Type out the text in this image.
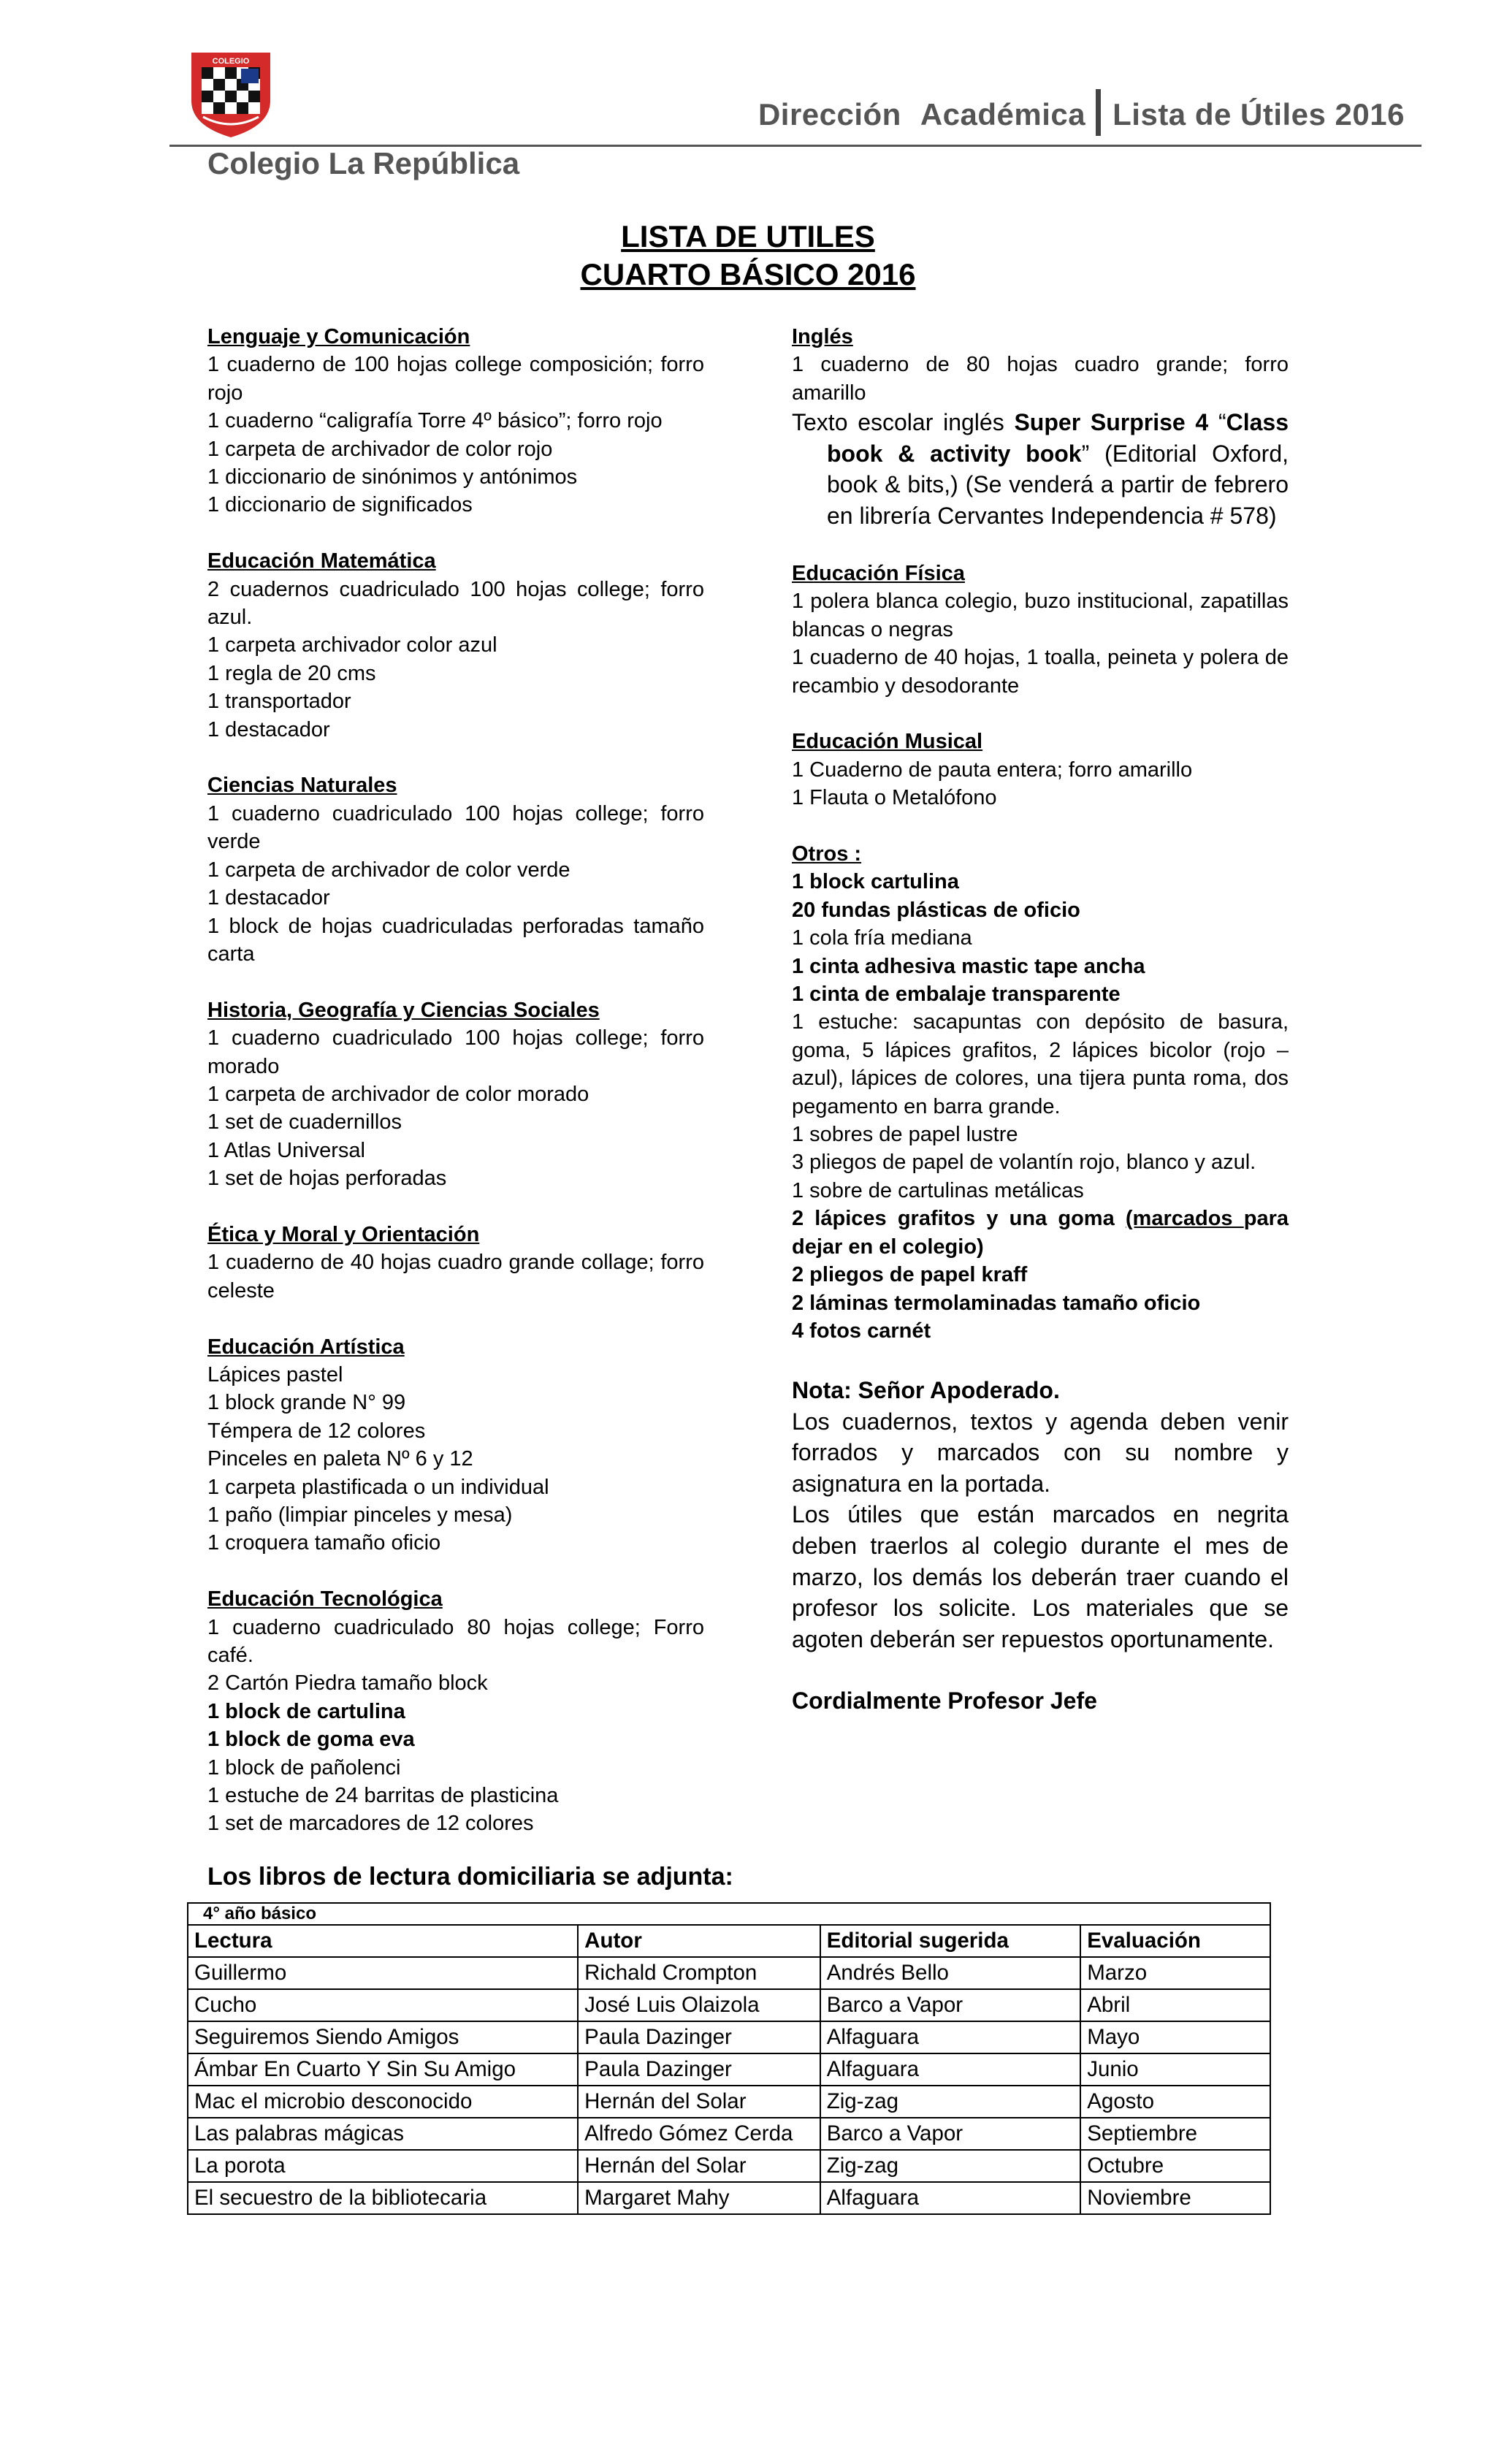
COLEGIO
Dirección Académica Lista de Útiles 2016
Colegio La República
LISTA DE UTILES
CUARTO BÁSICO 2016
Lenguaje y Comunicación
1 cuaderno de 100 hojas college composición; forro rojo
1 cuaderno “caligrafía Torre 4º básico”; forro rojo
1 carpeta de archivador de color rojo
1 diccionario de sinónimos y antónimos
1 diccionario de significados
Educación Matemática
2 cuadernos cuadriculado 100 hojas college; forro azul.
1 carpeta archivador color azul
1 regla de 20 cms
1 transportador
1 destacador
Ciencias Naturales
1 cuaderno cuadriculado 100 hojas college; forro verde
1 carpeta de archivador de color verde
1 destacador
1 block de hojas cuadriculadas perforadas tamaño carta
Historia, Geografía y Ciencias Sociales
1 cuaderno cuadriculado 100 hojas college; forro morado
1 carpeta de archivador de color morado
1 set de cuadernillos
1 Atlas Universal
1 set de hojas perforadas
Ética y Moral y Orientación
1 cuaderno de 40 hojas cuadro grande collage; forro celeste
Educación Artística
Lápices pastel
1 block grande N° 99
Témpera de 12 colores
Pinceles en paleta Nº 6 y 12
1 carpeta plastificada o un individual
1 paño (limpiar pinceles y mesa)
1 croquera tamaño oficio
Educación Tecnológica
1 cuaderno cuadriculado 80 hojas college; Forro café.
2 Cartón Piedra tamaño block
1 block de cartulina
1 block de goma eva
1 block de pañolenci
1 estuche de 24 barritas de plasticina
1 set de marcadores de 12 colores
Inglés
1 cuaderno de 80 hojas cuadro grande; forro amarillo
Texto escolar inglés Super Surprise 4 “Class book & activity book” (Editorial Oxford, book & bits,) (Se venderá a partir de febrero en librería Cervantes Independencia # 578)
Educación Física
1 polera blanca colegio, buzo institucional, zapatillas blancas o negras
1 cuaderno de 40 hojas, 1 toalla, peineta y polera de recambio y desodorante
Educación Musical
1 Cuaderno de pauta entera; forro amarillo
1 Flauta o Metalófono
Otros :
1 block cartulina
20 fundas plásticas de oficio
1 cola fría mediana
1 cinta adhesiva mastic tape ancha
1 cinta de embalaje transparente
1 estuche: sacapuntas con depósito de basura, goma, 5 lápices grafitos, 2 lápices bicolor (rojo – azul), lápices de colores, una tijera punta roma, dos pegamento en barra grande.
1 sobres de papel lustre
3 pliegos de papel de volantín rojo, blanco y azul.
1 sobre de cartulinas metálicas
2 lápices grafitos y una goma (marcados para dejar en el colegio)
2 pliegos de papel kraff
2 láminas termolaminadas tamaño oficio
4 fotos carnét

Nota: Señor Apoderado.

Los cuadernos, textos y agenda deben venir forrados y marcados con su nombre y asignatura en la portada.

Los útiles que están marcados en negrita deben traerlos al colegio durante el mes de marzo, los demás los deberán traer cuando el profesor los solicite. Los materiales que se agoten deberán ser repuestos oportunamente.

Cordialmente Profesor Jefe

Los libros de lectura domiciliaria se adjunta:
4° año básico			
Lectura	Autor	Editorial sugerida	Evaluación
Guillermo	Richald Crompton	Andrés Bello	Marzo
Cucho	José Luis Olaizola	Barco a Vapor	Abril
Seguiremos Siendo Amigos	Paula Dazinger	Alfaguara	Mayo
Ámbar En Cuarto Y Sin Su Amigo	Paula Dazinger	Alfaguara	Junio
Mac el microbio desconocido	Hernán del Solar	Zig-zag	Agosto
Las palabras mágicas	Alfredo Gómez Cerda	Barco a Vapor	Septiembre
La porota	Hernán del Solar	Zig-zag	Octubre
El secuestro de la bibliotecaria	Margaret Mahy	Alfaguara	Noviembre
